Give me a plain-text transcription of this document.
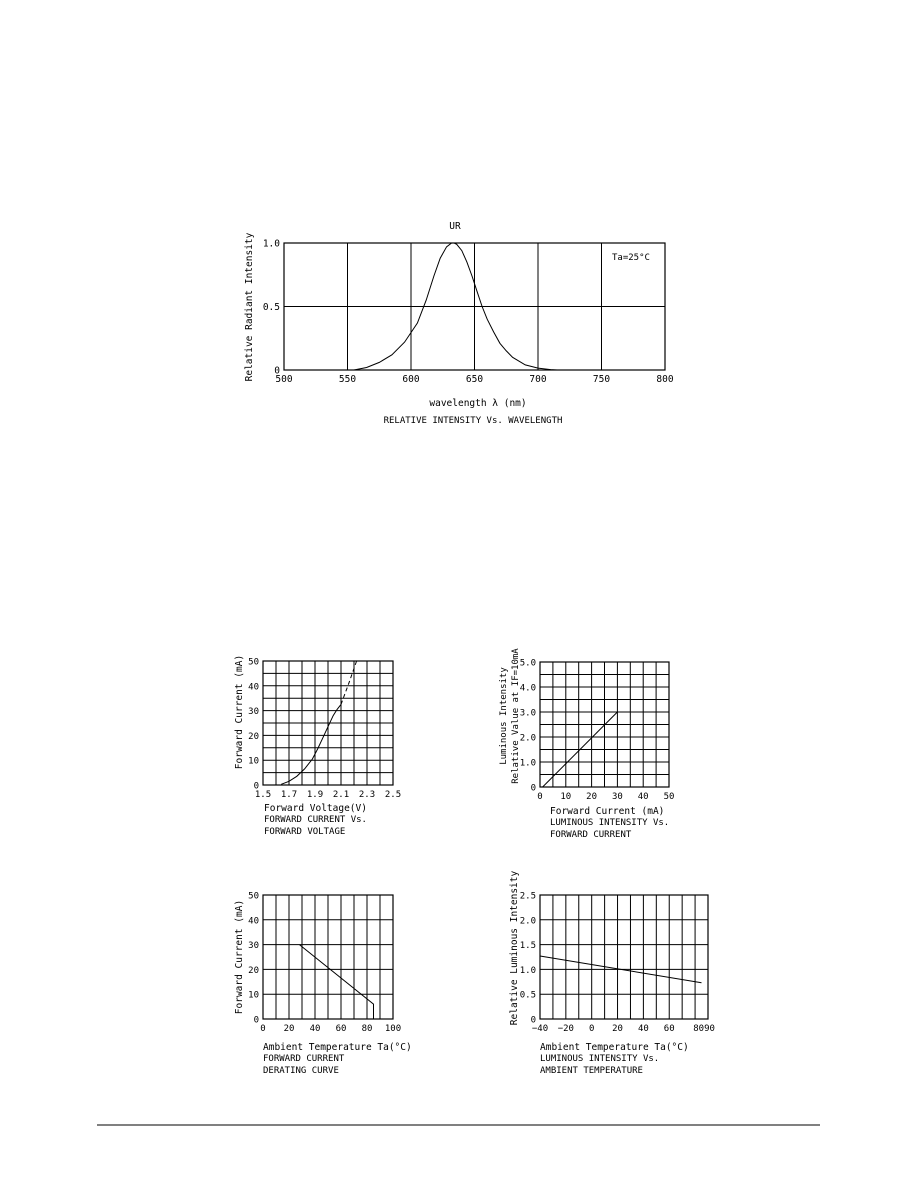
500	550	600	650	700	750	800
0
0.5
1.0
UR
Ta=25°C
wavelength λ (nm)
Relative Radiant Intensity
RELATIVE INTENSITY Vs. WAVELENGTH
1.5 1.7 1.9 2.1 2.3 2.5
0
10
20
30
40
50
Forward Voltage(V)
Forward Current (mA)
FORWARD CURRENT Vs.
FORWARD VOLTAGE
0 10 20 30 40 50
0
1.0
2.0
3.0
4.0
5.0
Forward Current (mA)
Relative Value at IF=10mA
Luminous Intensity
LUMINOUS INTENSITY Vs.
FORWARD CURRENT
0 20 40 60 80 100
0
10
20
30
40
50
Ambient Temperature Ta(°C)
Forward Current (mA)
FORWARD CURRENT
DERATING CURVE
−40 −20 0 20 40 60 80 90
0
0.5
1.0
1.5
2.0
2.5
Ambient Temperature Ta(°C)
Relative Luminous Intensity
LUMINOUS INTENSITY Vs.
AMBIENT TEMPERATURE
